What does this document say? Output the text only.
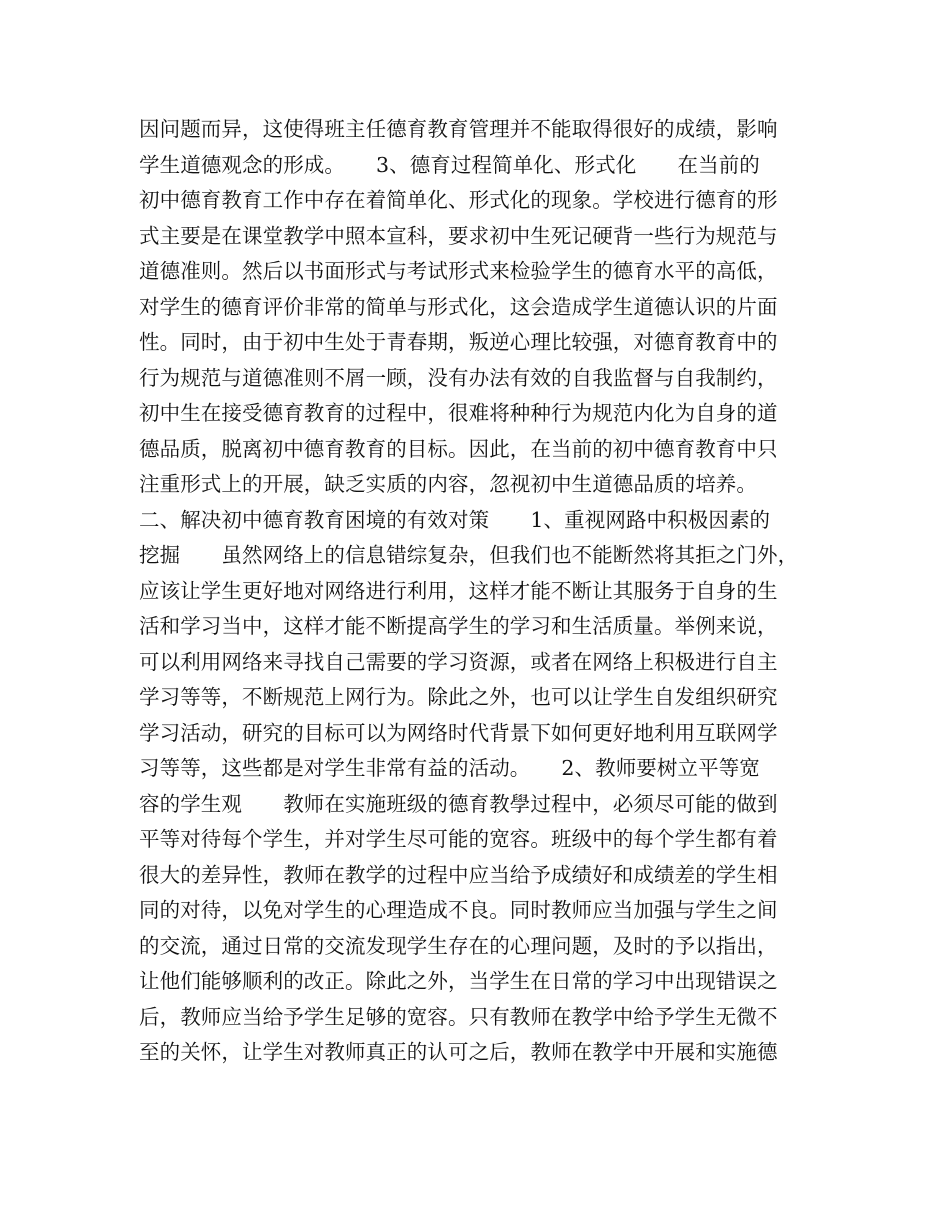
因问题而异，这使得班主任德育教育管理并不能取得很好的成绩，影响
学生道德观念的形成。　　3、德育过程简单化、形式化　　在当前的
初中德育教育工作中存在着简单化、形式化的现象。学校进行德育的形
式主要是在课堂教学中照本宣科，要求初中生死记硬背一些行为规范与
道德准则。然后以书面形式与考试形式来检验学生的德育水平的高低，
对学生的德育评价非常的简单与形式化，这会造成学生道德认识的片面
性。同时，由于初中生处于青春期，叛逆心理比较强，对德育教育中的
行为规范与道德准则不屑一顾，没有办法有效的自我监督与自我制约，
初中生在接受德育教育的过程中，很难将种种行为规范内化为自身的道
德品质，脱离初中德育教育的目标。因此，在当前的初中德育教育中只
注重形式上的开展，缺乏实质的内容，忽视初中生道德品质的培养。
二、解决初中德育教育困境的有效对策　　1、重视网路中积极因素的
挖掘　　虽然网络上的信息错综复杂，但我们也不能断然将其拒之门外，
应该让学生更好地对网络进行利用，这样才能不断让其服务于自身的生
活和学习当中，这样才能不断提高学生的学习和生活质量。举例来说，
可以利用网络来寻找自己需要的学习资源，或者在网络上积极进行自主
学习等等，不断规范上网行为。除此之外，也可以让学生自发组织研究
学习活动，研究的目标可以为网络时代背景下如何更好地利用互联网学
习等等，这些都是对学生非常有益的活动。　　2、教师要树立平等宽
容的学生观　　教师在实施班级的德育教學过程中，必须尽可能的做到
平等对待每个学生，并对学生尽可能的宽容。班级中的每个学生都有着
很大的差异性，教师在教学的过程中应当给予成绩好和成绩差的学生相
同的对待，以免对学生的心理造成不良。同时教师应当加强与学生之间
的交流，通过日常的交流发现学生存在的心理问题，及时的予以指出，
让他们能够顺利的改正。除此之外，当学生在日常的学习中出现错误之
后，教师应当给予学生足够的宽容。只有教师在教学中给予学生无微不
至的关怀，让学生对教师真正的认可之后，教师在教学中开展和实施德
